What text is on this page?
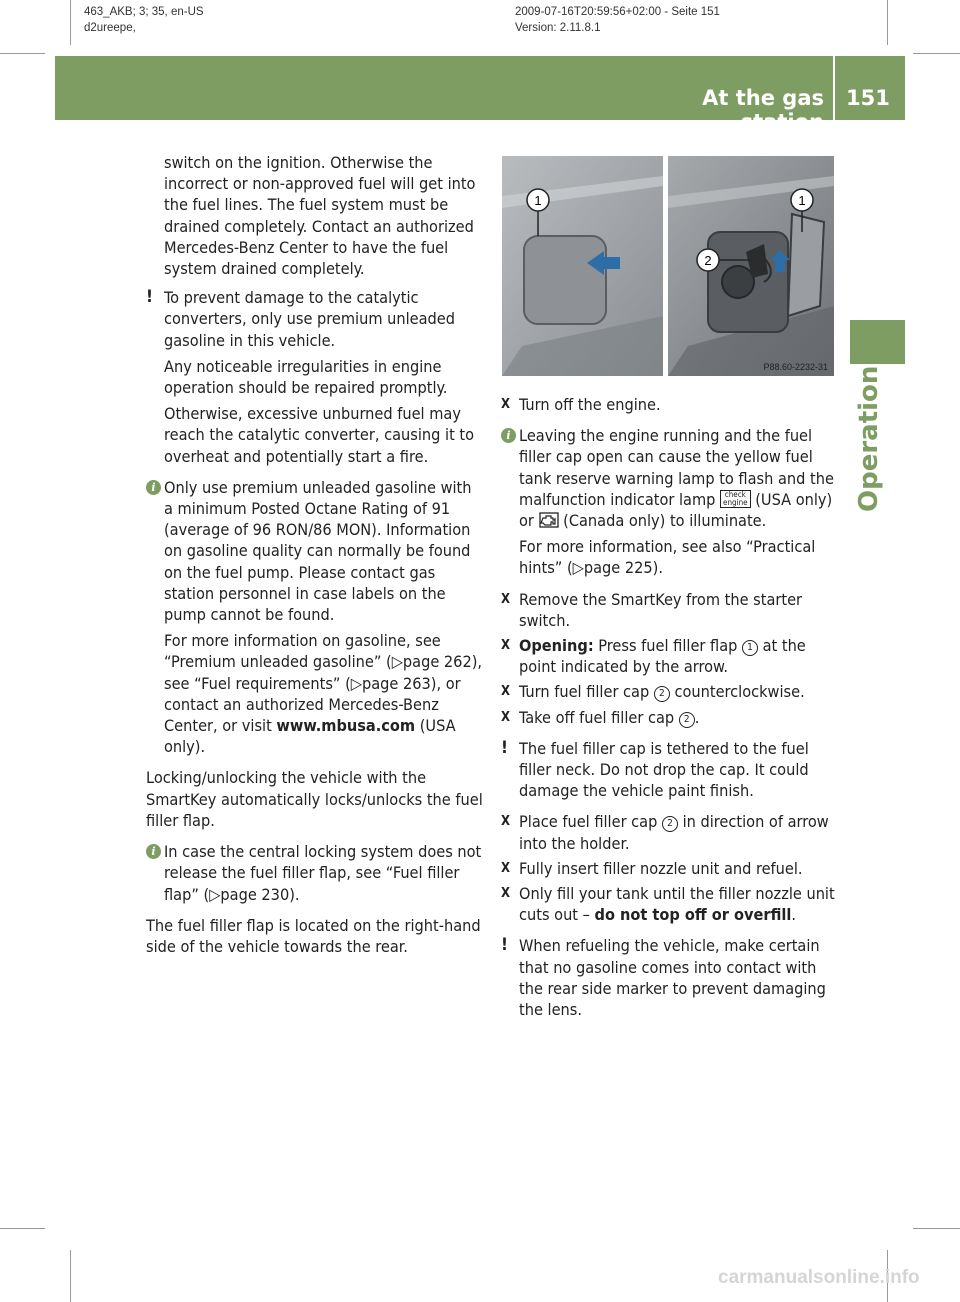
463_AKB; 3; 35, en-US
d2ureepe,
2009-07-16T20:59:56+02:00 - Seite 151
Version: 2.11.8.1
At the gas station
151
Operation

switch on the ignition. Otherwise the incorrect or non-approved fuel will get into the fuel lines. The fuel system must be drained completely. Contact an authorized Mercedes-Benz Center to have the fuel system drained completely.

! To prevent damage to the catalytic converters, only use premium unleaded gasoline in this vehicle.

Any noticeable irregularities in engine operation should be repaired promptly.

Otherwise, excessive unburned fuel may reach the catalytic converter, causing it to overheat and potentially start a fire.

i Only use premium unleaded gasoline with a minimum Posted Octane Rating of 91 (average of 96 RON/86 MON). Information on gasoline quality can normally be found on the fuel pump. Please contact gas station personnel in case labels on the pump cannot be found.

For more information on gasoline, see “Premium unleaded gasoline” (▷page 262), see “Fuel requirements” (▷page 263), or contact an authorized Mercedes-Benz Center, or visit www.mbusa.com (USA only).

Locking/unlocking the vehicle with the SmartKey automatically locks/unlocks the fuel filler flap.

i In case the central locking system does not release the fuel filler flap, see “Fuel filler flap” (▷page 230).

The fuel filler flap is located on the right-hand side of the vehicle towards the rear.

1	1
2
P88.60-2232-31
X Turn off the engine.
i Leaving the engine running and the fuel filler cap open can cause the yellow fuel tank reserve warning lamp to flash and the malfunction indicator lamp check
engine (USA only) or  (Canada only) to illuminate.

For more information, see also “Practical hints” (▷page 225).

X Remove the SmartKey from the starter switch.
X Opening: Press fuel filler flap 1 at the point indicated by the arrow.
X Turn fuel filler cap 2 counterclockwise.
X Take off fuel filler cap 2 .
! The fuel filler cap is tethered to the fuel filler neck. Do not drop the cap. It could damage the vehicle paint finish.

X Place fuel filler cap 2 in direction of arrow into the holder.
X Fully insert filler nozzle unit and refuel.
X Only fill your tank until the filler nozzle unit cuts out – do not top off or overfill.
! When refueling the vehicle, make certain that no gasoline comes into contact with the rear side marker to prevent damaging the lens.

carmanualsonline.info
